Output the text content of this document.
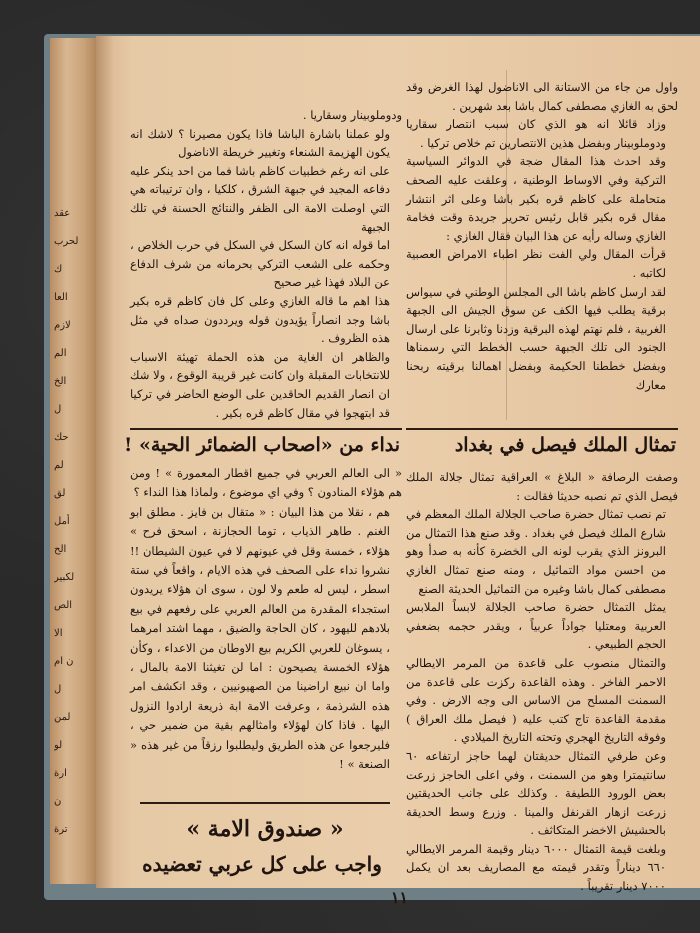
عقد
لحرب
ك
العا
لازم
الم
الخ
ل
حك
لم
لق
أمل
الح
لكبير
الص
الا
ن ام
ل
لمن
لو
ارة
ن
ترة

واول من جاء من الاستانة الى الاناضول لهذا الغرض وقد لحق به الغازي مصطفى كمال باشا بعد شهرين .

وزاد قائلا انه هو الذي كان سبب انتصار سقاريا ودوملوبينار وبفضل هذين الانتصارين تم خلاص تركيا .

وقد احدث هذا المقال ضجة في الدوائر السياسية التركية وفي الاوساط الوطنية ، وعلقت عليه الصحف متحاملة على كاظم قره بكير باشا وعلى اثر انتشار مقال قره بكير قابل رئيس تحرير جريدة وقت فخامة الغازي وساله رأيه عن هذا البيان فقال الغازي :

قرأت المقال ولي الفت نظر اطباء الامراض العصبية لكاتبه .

لقد ارسل كاظم باشا الى المجلس الوطني في سيواس برقية يطلب فيها الكف عن سوق الجيش الى الجبهة الغربية ، فلم نهتم لهذه البرقية وزدنا وثابرنا على ارسال الجنود الى تلك الجبهة حسب الخطط التي رسمناها وبفضل خططنا الحكيمة وبفضل اهمالنا برقيته ربحنا معارك

ودوملوبينار وسقاريا .

ولو عملنا باشارة الباشا فاذا يكون مصيرنا ؟ لاشك انه يكون الهزيمة الشنعاء وتغيير خريطة الاناضول

على انه رغم خطبيات كاظم باشا فما من احد ينكر عليه دفاعه المجيد في جبهة الشرق ، كلكيا ، وان ترتيباته هي التي اوصلت الامة الى الظفر والنتائج الحسنة في تلك الجبهة

اما قوله انه كان السكل في السكل في حرب الخلاص ، وحكمه على الشعب التركي بحرمانه من شرف الدفاع عن البلاد فهذا غير صحيح

هذا اهم ما قاله الغازي وعلى كل فان كاظم قره بكير باشا وجد انصاراً يؤيدون قوله ويرددون صداه في مثل هذه الظروف .

والظاهر ان الغاية من هذه الحملة تهيئة الاسباب للانتخابات المقبلة وان كانت غير قريبة الوقوع ، ولا شك ان انصار القديم الحاقدين على الوضع الحاضر في تركيا قد ابتهجوا في مقال كاظم قره بكير .

تمثال الملك فيصل في بغداد
نداء من «اصحاب الضمائر الحية» !

وصفت الرصافة « البلاغ » العراقية تمثال جلالة الملك فيصل الذي تم نصبه حديثا فقالت :

تم نصب تمثال حضرة صاحب الجلالة الملك المعظم في شارع الملك فيصل في بغداد . وقد صنع هذا التمثال من البرونز الذي يقرب لونه الى الخضرة كأنه به صدأ وهو من احسن مواد التماثيل ، ومنه صنع تمثال الغازي مصطفى كمال باشا وغيره من التماثيل الحديثة الصنع

يمثل التمثال حضرة صاحب الجلالة لابساً الملابس العربية ومعتليا جواداً عربياً ، ويقدر حجمه بضعفي الحجم الطبيعي .

والتمثال منصوب على قاعدة من المرمر الايطالي الاحمر الفاخر . وهذه القاعدة ركزت على قاعدة من السمنت المسلح من الاساس الى وجه الارض . وفي مقدمة القاعدة تاج كتب عليه ( فيصل ملك العراق ) وفوقه التاريخ الهجري وتحته التاريخ الميلادي .

وعن طرفي التمثال حديقتان لهما حاجز ارتفاعه ٦٠ سانتيمترا وهو من السمنت ، وفي اعلى الحاجز زرعت بعض الورود اللطيفة . وكذلك على جانب الحديقتين زرعت ازهار القرنفل والمينا . وزرع وسط الحديقة بالحشيش الاخضر المتكاثف .

وبلغت قيمة التمثال ٦٠٠٠ دينار وقيمة المرمر الايطالي ٦٦٠ ديناراً وتقدر قيمته مع المصاريف بعد ان يكمل ٧٠٠٠ دينار تقريباً .

« الى العالم العربي في جميع اقطار المعمورة » ! ومن هم هؤلاء المنادون ؟ وفي اي موضوع ، ولماذا هذا النداء ؟

هم ، نقلا من هذا البيان : « متقال بن فايز . مطلق ابو الغنم . طاهر الذياب ، توما الحجازنة ، اسحق فرح » هؤلاء ، خمسة وقل في عيونهم لا في عيون الشيطان !! نشروا نداء على الصحف في هذه الايام ، واقعاً في ستة اسطر ، ليس له طعم ولا لون ، سوى ان هؤلاء يريدون استجداء المقدرة من العالم العربي على رفعهم في بيع بلادهم لليهود ، كان الحاجة والضيق ، مهما اشتد امرهما ، يسوغان للعربي الكريم بيع الاوطان من الاعداء ، وكأن هؤلاء الخمسة يصيحون : اما لن تغيثنا الامة بالمال ، واما ان نبيع اراضينا من الصهيونيين ، وقد انكشف امر هذه الشرذمة ، وعرفت الامة ابة ذريعة ارادوا النزول اليها . فاذا كان لهؤلاء وامثالهم بقية من ضمير حي ، فليرجعوا عن هذه الطريق وليطلبوا رزقاً من غير هذه « الصنعة » !

« صندوق الامة »
واجب على كل عربي تعضيده
١١
